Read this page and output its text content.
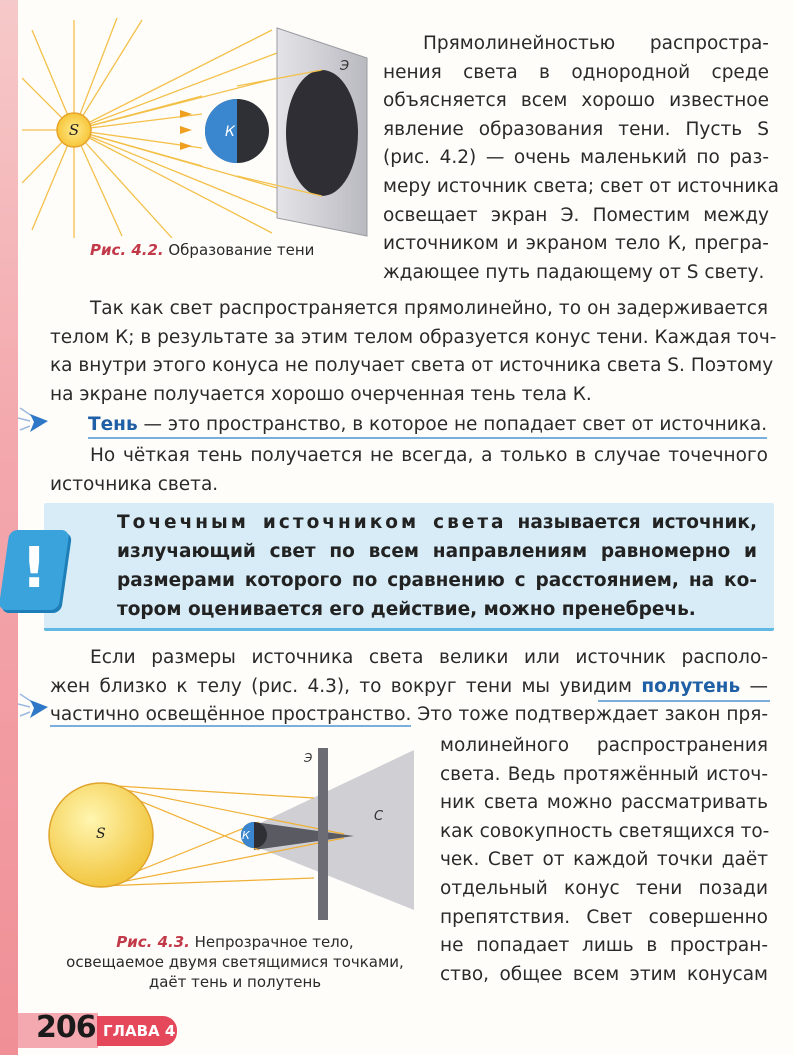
S	К
Э
Рис. 4.2. Образование тени
Прямолинейностью распростра-
нения света в однородной среде
объясняется всем хорошо известное
явление образования тени. Пусть S
(рис. 4.2) — очень маленький по раз-
меру источник света; свет от источника
освещает экран Э. Поместим между
источником и экраном тело К, прегра-
ждающее путь падающему от S свету.
Так как свет распространяется прямолинейно, то он задерживается
телом К; в результате за этим телом образуется конус тени. Каждая точ-
ка внутри этого конуса не получает света от источника света S. Поэтому
на экране получается хорошо очерченная тень тела К.
Тень — это пространство, в которое не попадает свет от источника.
Но чёткая тень получается не всегда, а только в случае точечного
источника света.
!
Точечным источником света называется источник,
излучающий свет по всем направлениям равномерно и
размерами которого по сравнению с расстоянием, на ко-
тором оценивается его действие, можно пренебречь.
Если размеры источника света велики или источник располо-
жен близко к телу (рис. 4.3), то вокруг тени мы увидим полутень —
частично освещённое пространство. Это тоже подтверждает закон пря-
S	К
Э
С
Рис. 4.3. Непрозрачное тело,
освещаемое двумя светящимися точками,
даёт тень и полутень
молинейного распространения
света. Ведь протяжённый источ-
ник света можно рассматривать
как совокупность светящихся то-
чек. Свет от каждой точки даёт
отдельный конус тени позади
препятствия. Свет совершенно
не попадает лишь в простран-
ство, общее всем этим конусам
206 ГЛАВА 4
